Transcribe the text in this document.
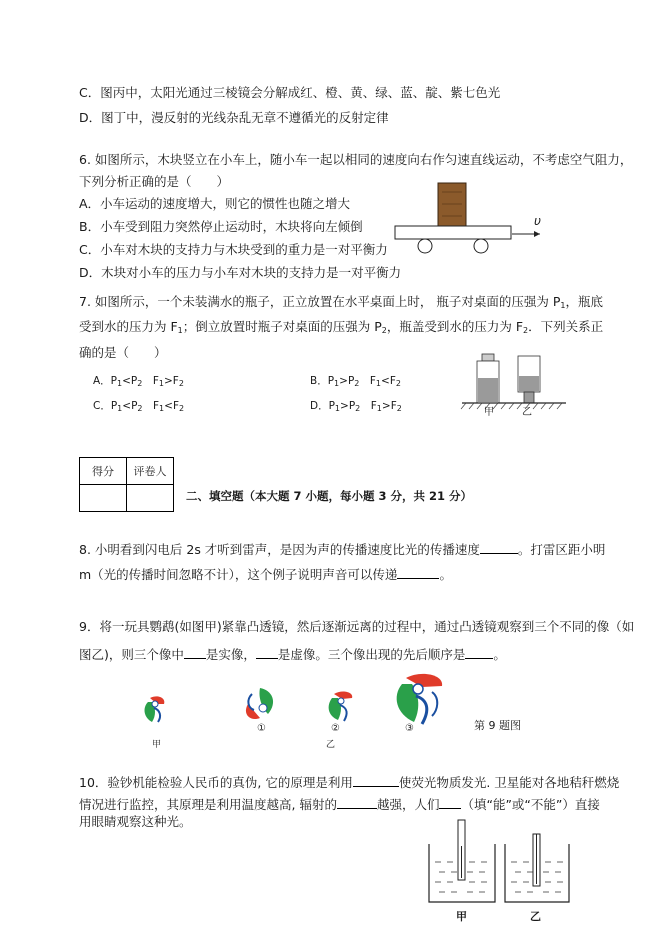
C．图丙中，太阳光通过三棱镜会分解成红、橙、黄、绿、蓝、靛、紫七色光
D．图丁中，漫反射的光线杂乱无章不遵循光的反射定律
6. 如图所示，木块竖立在小车上，随小车一起以相同的速度向右作匀速直线运动，不考虑空气阻力，
下列分析正确的是（　　）
A．小车运动的速度增大，则它的惯性也随之增大
B．小车受到阻力突然停止运动时，木块将向左倾倒
C．小车对木块的支持力与木块受到的重力是一对平衡力
D．木块对小车的压力与小车对木块的支持力是一对平衡力
υ
7. 如图所示，一个未装满水的瓶子，正立放置在水平桌面上时， 瓶子对桌面的压强为 $P_1$，瓶底
受到水的压力为 $F_1$；倒立放置时瓶子对桌面的压强为 $P_2$，瓶盖受到水的压力为 $F_2$．下列关系正
确的是（　　）
A．$P_1<P_2$　$F_1>F_2$	B．$P_1>P_2$　$F_1<F_2$
C．$P_1<P_2$　$F_1<F_2$	D．$P_1>P_2$　$F_1>F_2$	甲	乙
得分	评卷人

二、填空题（本大题 7 小题，每小题 3 分，共 21 分）
8. 小明看到闪电后 2s 才听到雷声，是因为声的传播速度比光的传播速度	。打雷区距小明
m（光的传播时间忽略不计），这个例子说明声音可以传递	。
9．将一玩具鹦鹉(如图甲)紧靠凸透镜，然后逐渐远离的过程中，通过凸透镜观察到三个不同的像（如
图乙)，则三个像中 是实像， 是虚像。三个像出现的先后顺序是 。
甲
①	②	③
乙
第 9 题图
10．验钞机能检验人民币的真伪, 它的原理是利用	使荧光物质发光. 卫星能对各地秸秆燃烧
情况进行监控，其原理是利用温度越高, 辐射的	越强，人们 （填“能”或“不能”）直接
用眼睛观察这种光。
甲	乙
